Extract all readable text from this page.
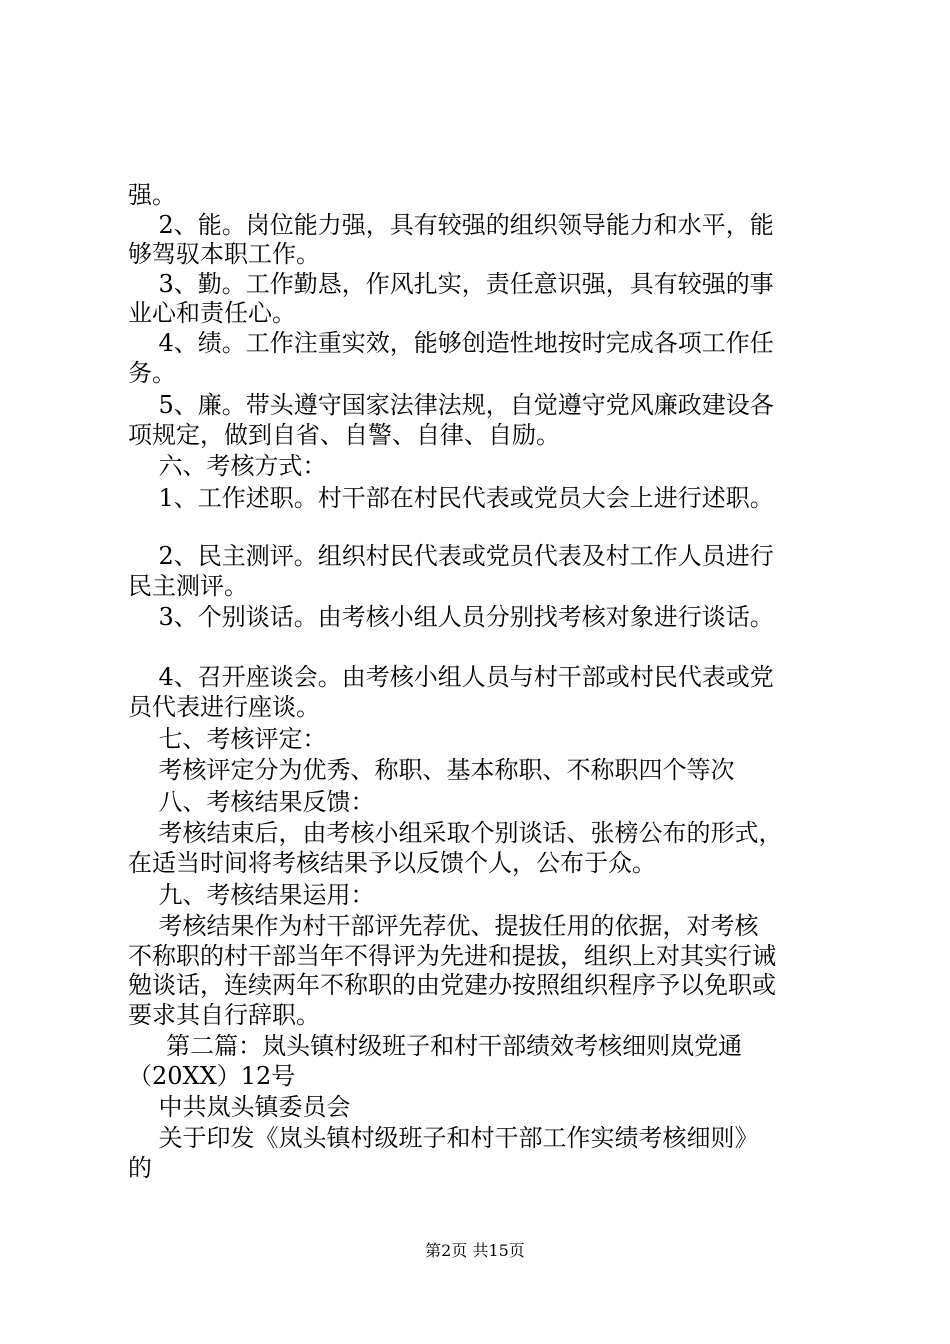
强。
2、能。岗位能力强，具有较强的组织领导能力和水平，能
够驾驭本职工作。
3、勤。工作勤恳，作风扎实，责任意识强，具有较强的事
业心和责任心。
4、绩。工作注重实效，能够创造性地按时完成各项工作任
务。
5、廉。带头遵守国家法律法规，自觉遵守党风廉政建设各
项规定，做到自省、自警、自律、自励。
六、考核方式：
1、工作述职。村干部在村民代表或党员大会上进行述职。
2、民主测评。组织村民代表或党员代表及村工作人员进行
民主测评。
3、个别谈话。由考核小组人员分别找考核对象进行谈话。
4、召开座谈会。由考核小组人员与村干部或村民代表或党
员代表进行座谈。
七、考核评定：
考核评定分为优秀、称职、基本称职、不称职四个等次
八、考核结果反馈：
考核结束后，由考核小组采取个别谈话、张榜公布的形式，
在适当时间将考核结果予以反馈个人，公布于众。
九、考核结果运用：
考核结果作为村干部评先荐优、提拔任用的依据，对考核
不称职的村干部当年不得评为先进和提拔，组织上对其实行诫
勉谈话，连续两年不称职的由党建办按照组织程序予以免职或
要求其自行辞职。
第二篇：岚头镇村级班子和村干部绩效考核细则岚党通
（20XX）12号
中共岚头镇委员会
关于印发《岚头镇村级班子和村干部工作实绩考核细则》
的
第2页 共15页
